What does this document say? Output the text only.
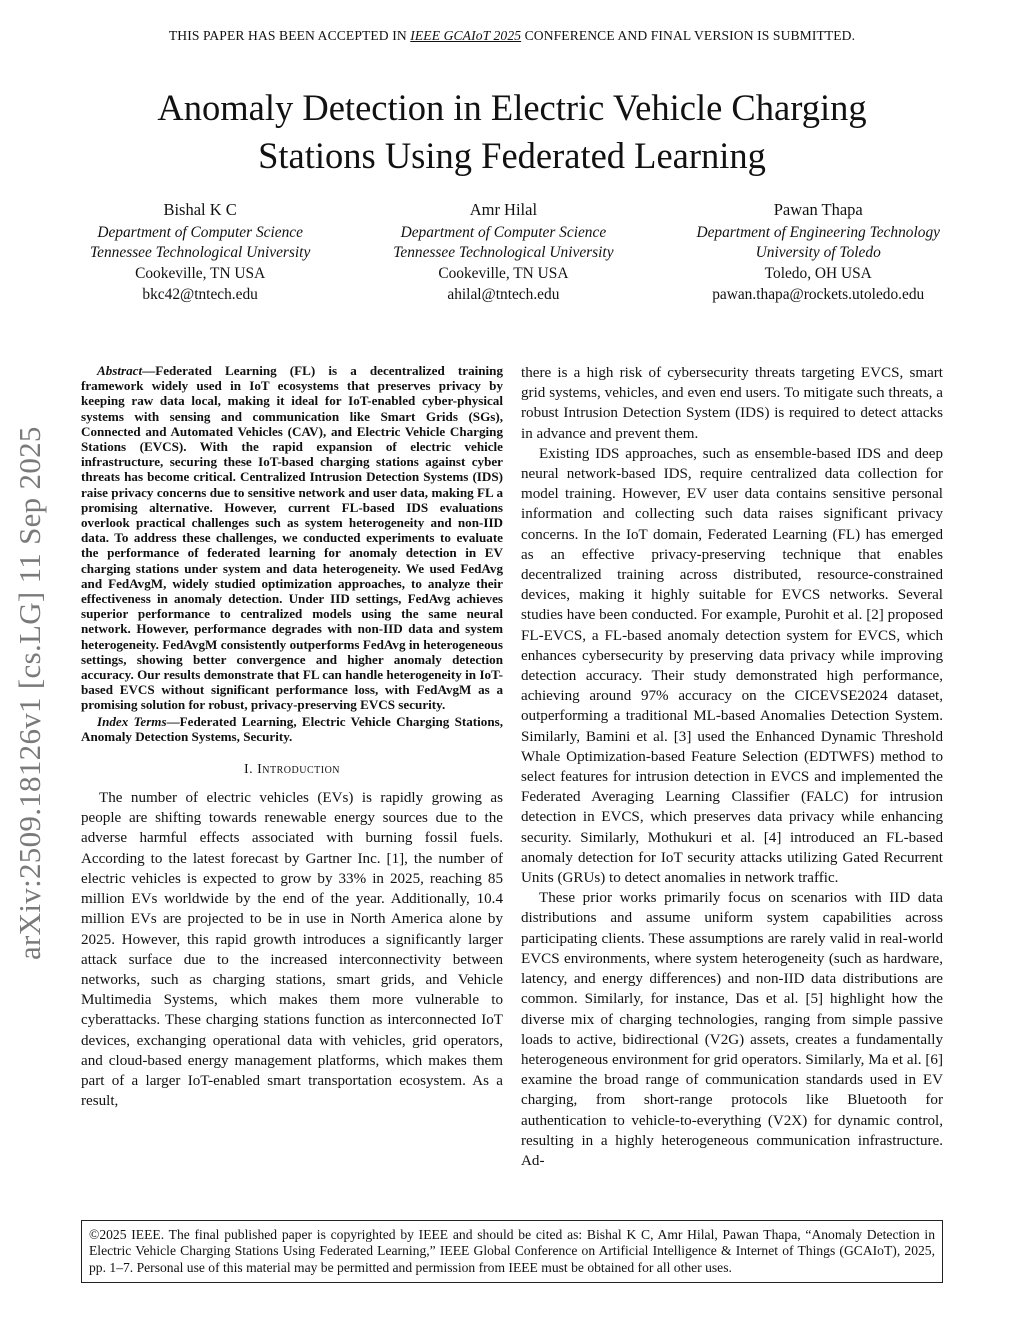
THIS PAPER HAS BEEN ACCEPTED IN IEEE GCAIoT 2025 CONFERENCE AND FINAL VERSION IS SUBMITTED.
Anomaly Detection in Electric Vehicle Charging
Stations Using Federated Learning
Bishal K C
Department of Computer Science
Tennessee Technological University
Cookeville, TN USA
bkc42@tntech.edu
Amr Hilal
Department of Computer Science
Tennessee Technological University
Cookeville, TN USA
ahilal@tntech.edu
Pawan Thapa
Department of Engineering Technology
University of Toledo
Toledo, OH USA
pawan.thapa@rockets.utoledo.edu
arXiv:2509.18126v1 [cs.LG] 11 Sep 2025

Abstract—Federated Learning (FL) is a decentralized training framework widely used in IoT ecosystems that preserves privacy by keeping raw data local, making it ideal for IoT-enabled cyber-physical systems with sensing and communication like Smart Grids (SGs), Connected and Automated Vehicles (CAV), and Electric Vehicle Charging Stations (EVCS). With the rapid expansion of electric vehicle infrastructure, securing these IoT-based charging stations against cyber threats has become critical. Centralized Intrusion Detection Systems (IDS) raise privacy concerns due to sensitive network and user data, making FL a promising alternative. However, current FL-based IDS evaluations overlook practical challenges such as system heterogeneity and non-IID data. To address these challenges, we conducted experiments to evaluate the performance of federated learning for anomaly detection in EV charging stations under system and data heterogeneity. We used FedAvg and FedAvgM, widely studied optimization approaches, to analyze their effectiveness in anomaly detection. Under IID settings, FedAvg achieves superior performance to centralized models using the same neural network. However, performance degrades with non-IID data and system heterogeneity. FedAvgM consistently outperforms FedAvg in heterogeneous settings, showing better convergence and higher anomaly detection accuracy. Our results demonstrate that FL can handle heterogeneity in IoT-based EVCS without significant performance loss, with FedAvgM as a promising solution for robust, privacy-preserving EVCS security.

Index Terms—Federated Learning, Electric Vehicle Charging Stations, Anomaly Detection Systems, Security.

I. Introduction

The number of electric vehicles (EVs) is rapidly growing as people are shifting towards renewable energy sources due to the adverse harmful effects associated with burning fossil fuels. According to the latest forecast by Gartner Inc. [1], the number of electric vehicles is expected to grow by 33% in 2025, reaching 85 million EVs worldwide by the end of the year. Additionally, 10.4 million EVs are projected to be in use in North America alone by 2025. However, this rapid growth introduces a significantly larger attack surface due to the increased interconnectivity between networks, such as charging stations, smart grids, and Vehicle Multimedia Systems, which makes them more vulnerable to cyberattacks. These charging stations function as interconnected IoT devices, exchanging operational data with vehicles, grid operators, and cloud-based energy management platforms, which makes them part of a larger IoT-enabled smart transportation ecosystem. As a result,

there is a high risk of cybersecurity threats targeting EVCS, smart grid systems, vehicles, and even end users. To mitigate such threats, a robust Intrusion Detection System (IDS) is required to detect attacks in advance and prevent them.

Existing IDS approaches, such as ensemble-based IDS and deep neural network-based IDS, require centralized data collection for model training. However, EV user data contains sensitive personal information and collecting such data raises significant privacy concerns. In the IoT domain, Federated Learning (FL) has emerged as an effective privacy-preserving technique that enables decentralized training across distributed, resource-constrained devices, making it highly suitable for EVCS networks. Several studies have been conducted. For example, Purohit et al. [2] proposed FL-EVCS, a FL-based anomaly detection system for EVCS, which enhances cybersecurity by preserving data privacy while improving detection accuracy. Their study demonstrated high performance, achieving around 97% accuracy on the CICEVSE2024 dataset, outperforming a traditional ML-based Anomalies Detection System. Similarly, Bamini et al. [3] used the Enhanced Dynamic Threshold Whale Optimization-based Feature Selection (EDTWFS) method to select features for intrusion detection in EVCS and implemented the Federated Averaging Learning Classifier (FALC) for intrusion detection in EVCS, which preserves data privacy while enhancing security. Similarly, Mothukuri et al. [4] introduced an FL-based anomaly detection for IoT security attacks utilizing Gated Recurrent Units (GRUs) to detect anomalies in network traffic.

These prior works primarily focus on scenarios with IID data distributions and assume uniform system capabilities across participating clients. These assumptions are rarely valid in real-world EVCS environments, where system heterogeneity (such as hardware, latency, and energy differences) and non-IID data distributions are common. Similarly, for instance, Das et al. [5] highlight how the diverse mix of charging technologies, ranging from simple passive loads to active, bidirectional (V2G) assets, creates a fundamentally heterogeneous environment for grid operators. Similarly, Ma et al. [6] examine the broad range of communication standards used in EV charging, from short-range protocols like Bluetooth for authentication to vehicle-to-everything (V2X) for dynamic control, resulting in a highly heterogeneous communication infrastructure. Ad-

©2025 IEEE. The final published paper is copyrighted by IEEE and should be cited as: Bishal K C, Amr Hilal, Pawan Thapa, “Anomaly Detection in Electric Vehicle Charging Stations Using Federated Learning,” IEEE Global Conference on Artificial Intelligence & Internet of Things (GCAIoT), 2025, pp. 1–7. Personal use of this material may be permitted and permission from IEEE must be obtained for all other uses.
